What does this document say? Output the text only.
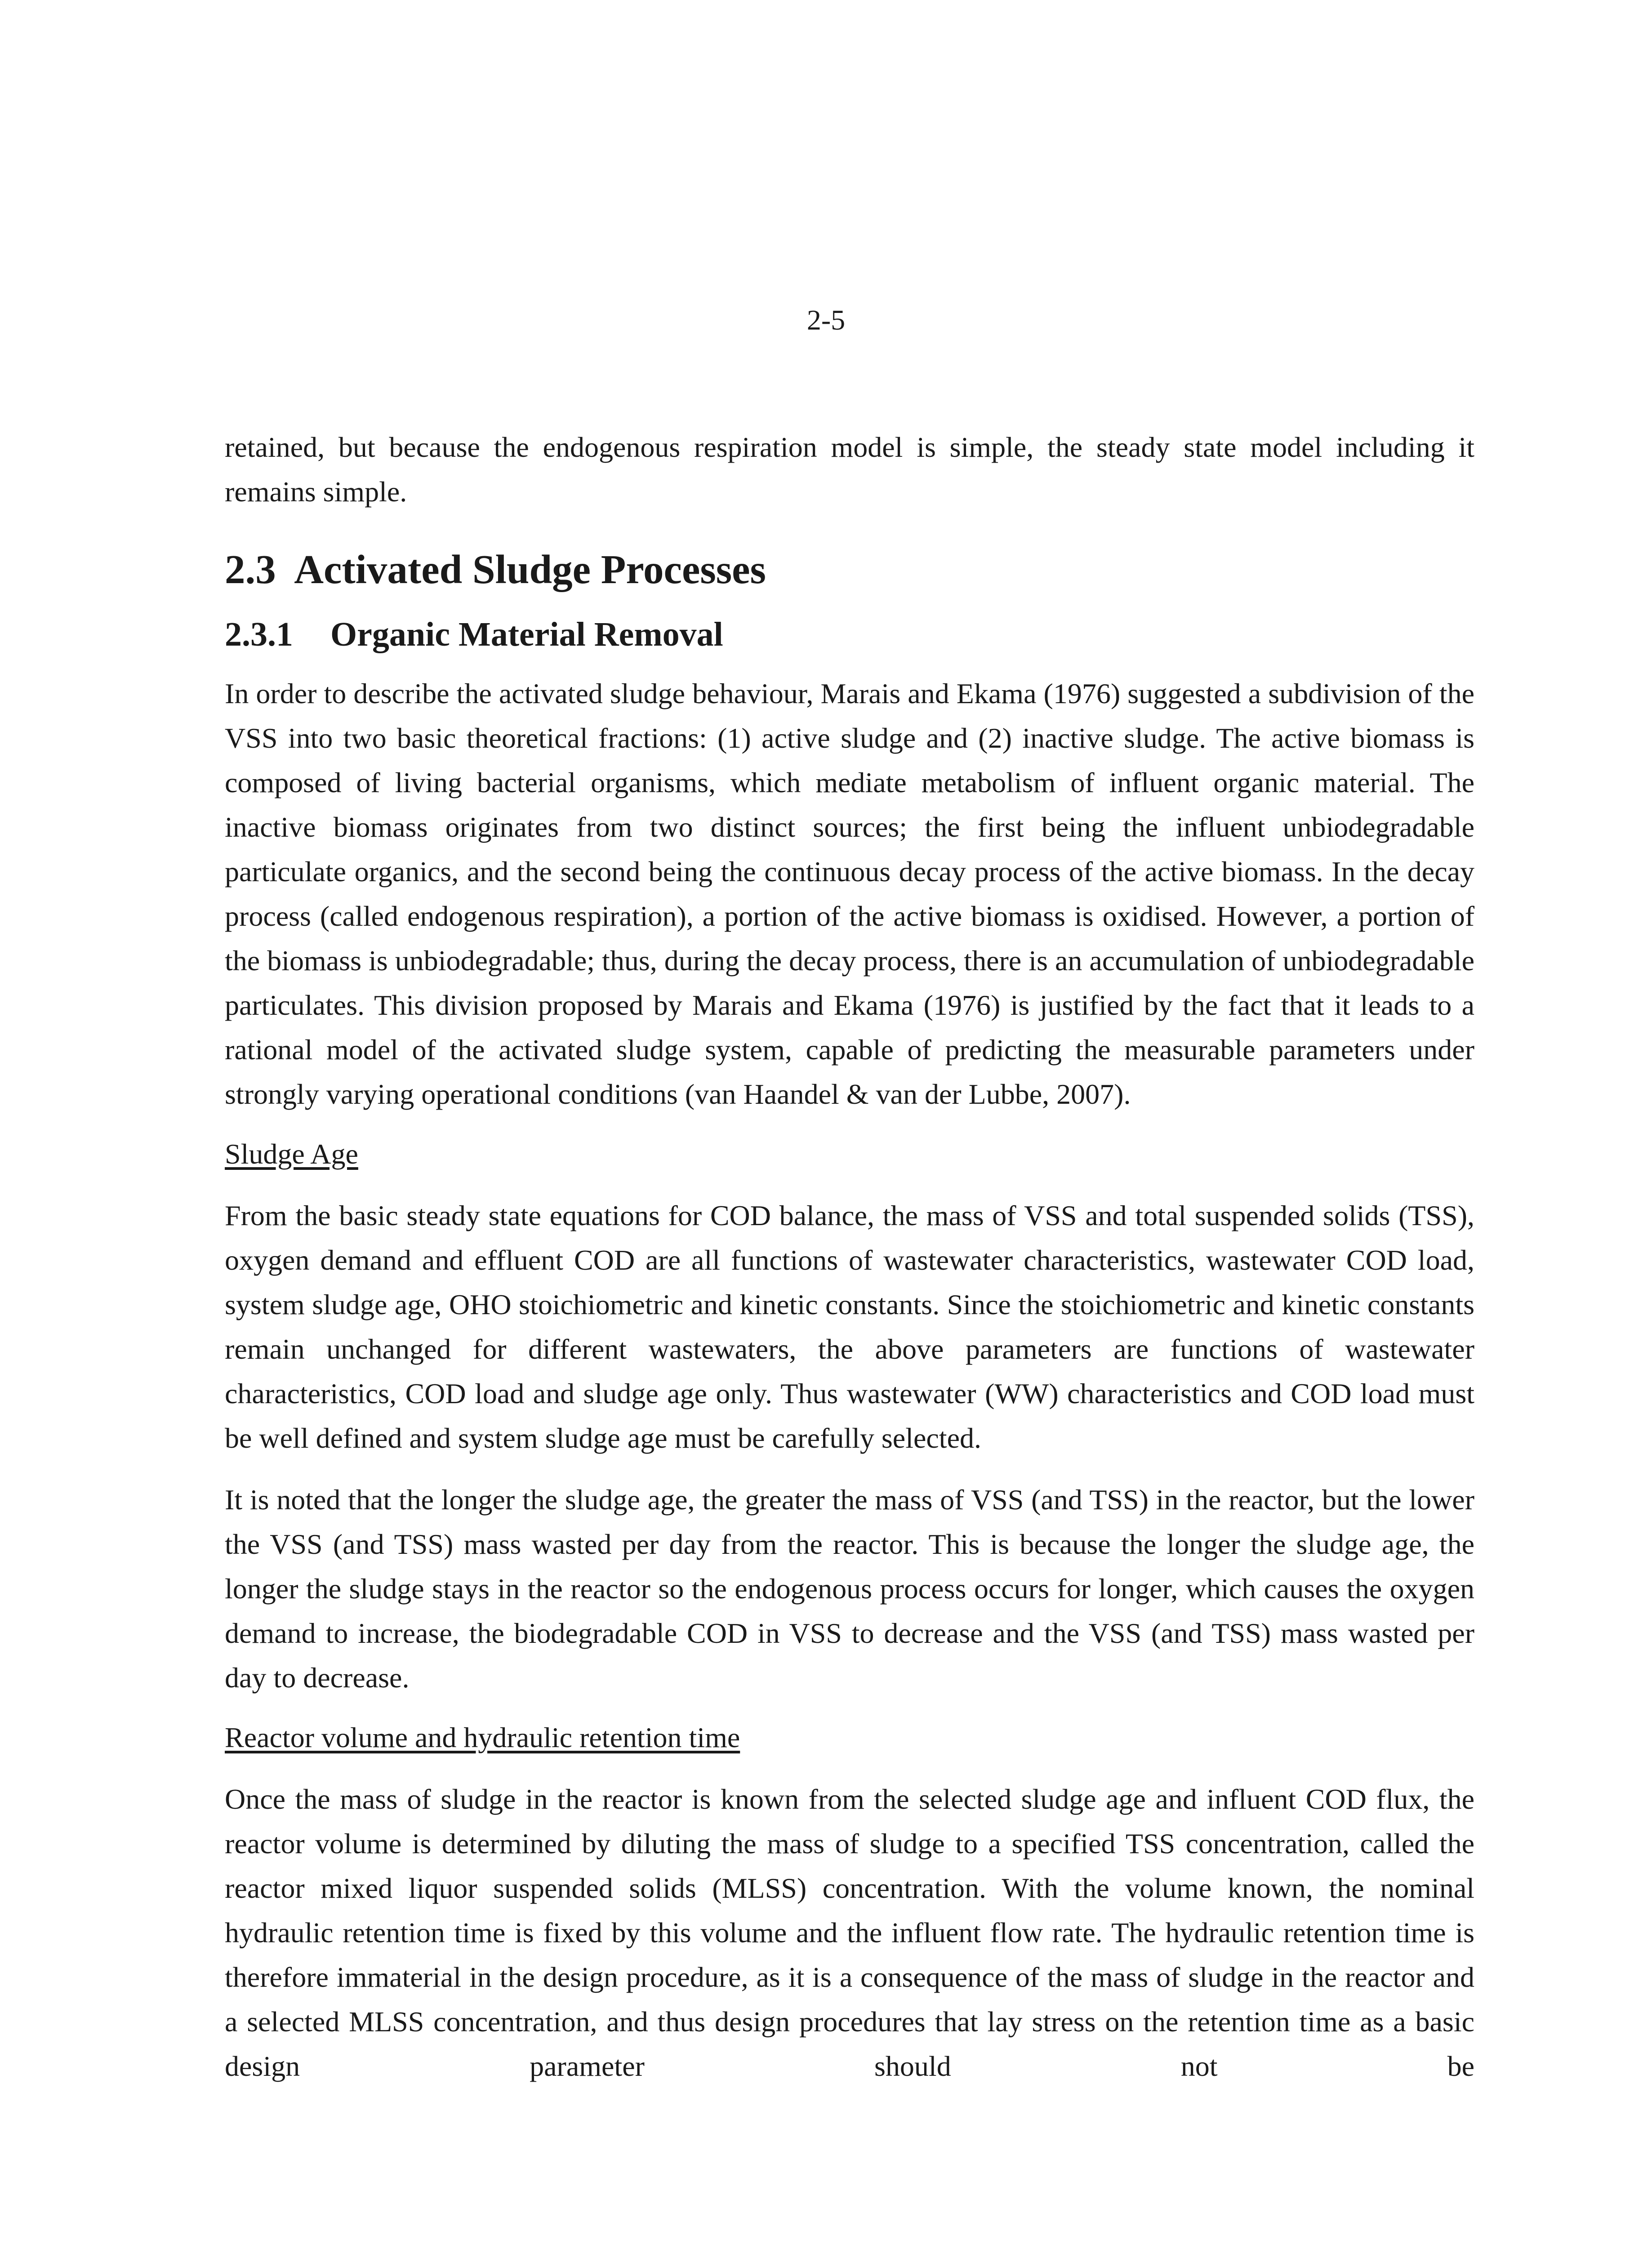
2-5

retained, but because the endogenous respiration model is simple, the steady state model including it remains simple.

2.3  Activated Sludge Processes
2.3.1 Organic Material Removal

In order to describe the activated sludge behaviour, Marais and Ekama (1976) suggested a subdivision of the VSS into two basic theoretical fractions: (1) active sludge and (2) inactive sludge. The active biomass is composed of living bacterial organisms, which mediate metabolism of influent organic material. The inactive biomass originates from two distinct sources; the first being the influent unbiodegradable particulate organics, and the second being the continuous decay process of the active biomass. In the decay process (called endogenous respiration), a portion of the active biomass is oxidised. However, a portion of the biomass is unbiodegradable; thus, during the decay process, there is an accumulation of unbiodegradable particulates. This division proposed by Marais and Ekama (1976) is justified by the fact that it leads to a rational model of the activated sludge system, capable of predicting the measurable parameters under strongly varying operational conditions (van Haandel & van der Lubbe, 2007).

Sludge Age

From the basic steady state equations for COD balance, the mass of VSS and total suspended solids (TSS), oxygen demand and effluent COD are all functions of wastewater characteristics, wastewater COD load, system sludge age, OHO stoichiometric and kinetic constants. Since the stoichiometric and kinetic constants remain unchanged for different wastewaters, the above parameters are functions of wastewater characteristics, COD load and sludge age only. Thus wastewater (WW) characteristics and COD load must be well defined and system sludge age must be carefully selected.

It is noted that the longer the sludge age, the greater the mass of VSS (and TSS) in the reactor, but the lower the VSS (and TSS) mass wasted per day from the reactor. This is because the longer the sludge age, the longer the sludge stays in the reactor so the endogenous process occurs for longer, which causes the oxygen demand to increase, the biodegradable COD in VSS to decrease and the VSS (and TSS) mass wasted per day to decrease.

Reactor volume and hydraulic retention time

Once the mass of sludge in the reactor is known from the selected sludge age and influent COD flux, the reactor volume is determined by diluting the mass of sludge to a specified TSS concentration, called the reactor mixed liquor suspended solids (MLSS) concentration. With the volume known, the nominal hydraulic retention time is fixed by this volume and the influent flow rate. The hydraulic retention time is therefore immaterial in the design procedure, as it is a consequence of the mass of sludge in the reactor and a selected MLSS concentration, and thus design procedures that lay stress on the retention time as a basic design parameter should not be
